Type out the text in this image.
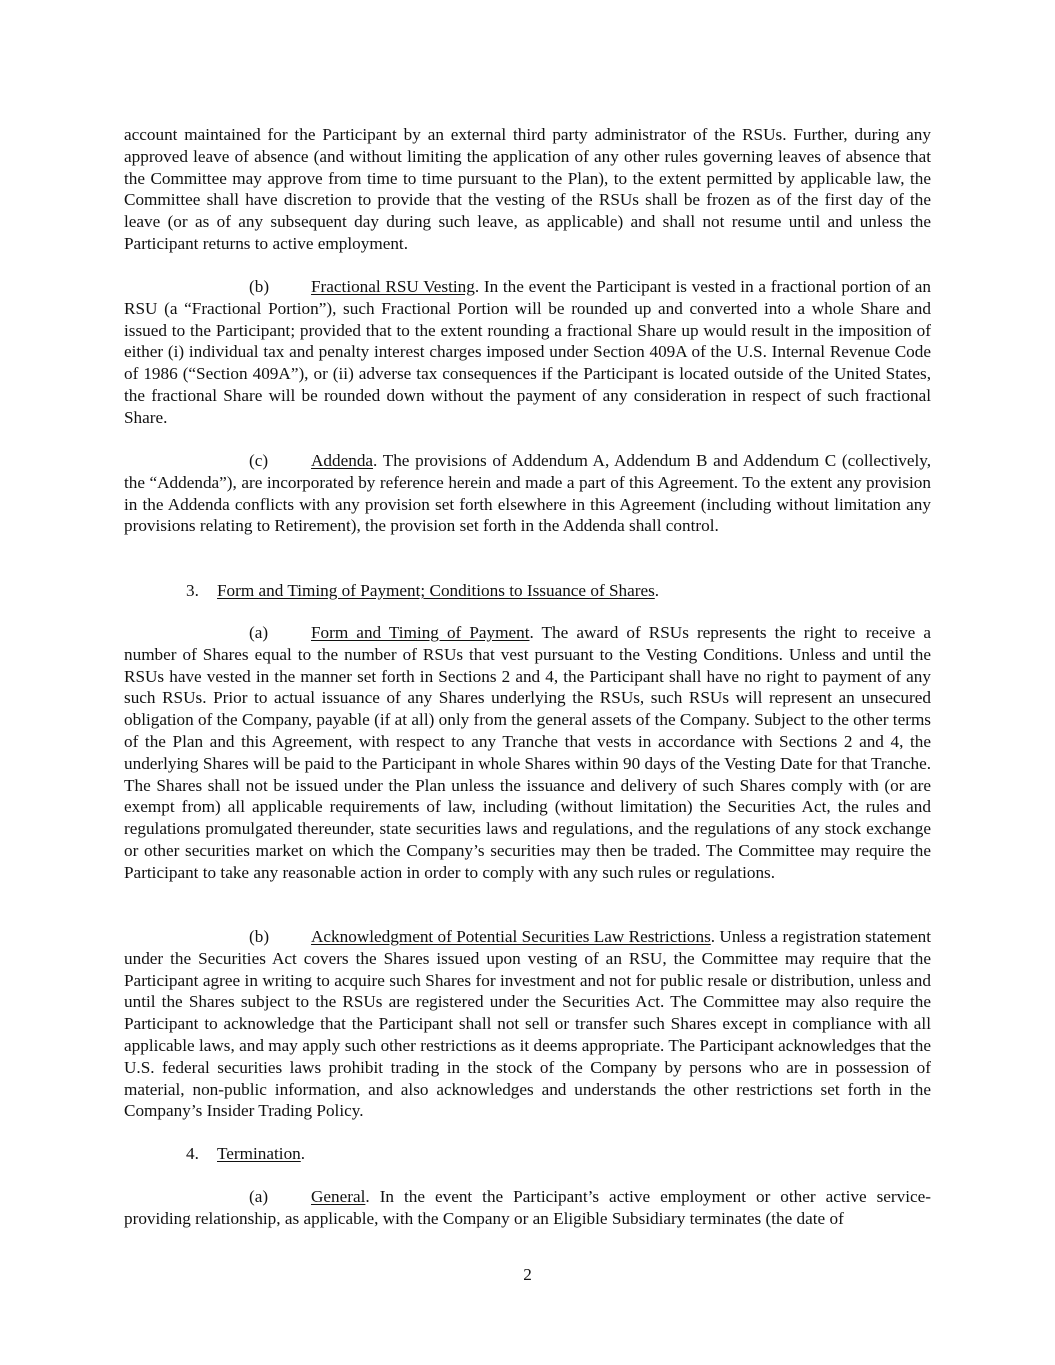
account maintained for the Participant by an external third party administrator of the RSUs. Further, during any approved leave of absence (and without limiting the application of any other rules governing leaves of absence that the Committee may approve from time to time pursuant to the Plan), to the extent permitted by applicable law, the Committee shall have discretion to provide that the vesting of the RSUs shall be frozen as of the first day of the leave (or as of any subsequent day during such leave, as applicable) and shall not resume until and unless the Participant returns to active employment.

(b) Fractional RSU Vesting. In the event the Participant is vested in a fractional portion of an RSU (a “Fractional Portion”), such Fractional Portion will be rounded up and converted into a whole Share and issued to the Participant; provided that to the extent rounding a fractional Share up would result in the imposition of either (i) individual tax and penalty interest charges imposed under Section 409A of the U.S. Internal Revenue Code of 1986 (“Section 409A”), or (ii) adverse tax consequences if the Participant is located outside of the United States, the fractional Share will be rounded down without the payment of any consideration in respect of such fractional Share.

(c) Addenda. The provisions of Addendum A, Addendum B and Addendum C (collectively, the “Addenda”), are incorporated by reference herein and made a part of this Agreement. To the extent any provision in the Addenda conflicts with any provision set forth elsewhere in this Agreement (including without limitation any provisions relating to Retirement), the provision set forth in the Addenda shall control.

3. Form and Timing of Payment; Conditions to Issuance of Shares.

(a) Form and Timing of Payment. The award of RSUs represents the right to receive a number of Shares equal to the number of RSUs that vest pursuant to the Vesting Conditions. Unless and until the RSUs have vested in the manner set forth in Sections 2 and 4, the Participant shall have no right to payment of any such RSUs. Prior to actual issuance of any Shares underlying the RSUs, such RSUs will represent an unsecured obligation of the Company, payable (if at all) only from the general assets of the Company. Subject to the other terms of the Plan and this Agreement, with respect to any Tranche that vests in accordance with Sections 2 and 4, the underlying Shares will be paid to the Participant in whole Shares within 90 days of the Vesting Date for that Tranche. The Shares shall not be issued under the Plan unless the issuance and delivery of such Shares comply with (or are exempt from) all applicable requirements of law, including (without limitation) the Securities Act, the rules and regulations promulgated thereunder, state securities laws and regulations, and the regulations of any stock exchange or other securities market on which the Company’s securities may then be traded. The Committee may require the Participant to take any reasonable action in order to comply with any such rules or regulations.

(b) Acknowledgment of Potential Securities Law Restrictions. Unless a registration statement under the Securities Act covers the Shares issued upon vesting of an RSU, the Committee may require that the Participant agree in writing to acquire such Shares for investment and not for public resale or distribution, unless and until the Shares subject to the RSUs are registered under the Securities Act. The Committee may also require the Participant to acknowledge that the Participant shall not sell or transfer such Shares except in compliance with all applicable laws, and may apply such other restrictions as it deems appropriate. The Participant acknowledges that the U.S. federal securities laws prohibit trading in the stock of the Company by persons who are in possession of material, non-public information, and also acknowledges and understands the other restrictions set forth in the Company’s Insider Trading Policy.

4. Termination.

(a) General. In the event the Participant’s active employment or other active service-providing relationship, as applicable, with the Company or an Eligible Subsidiary terminates (the date of

2
